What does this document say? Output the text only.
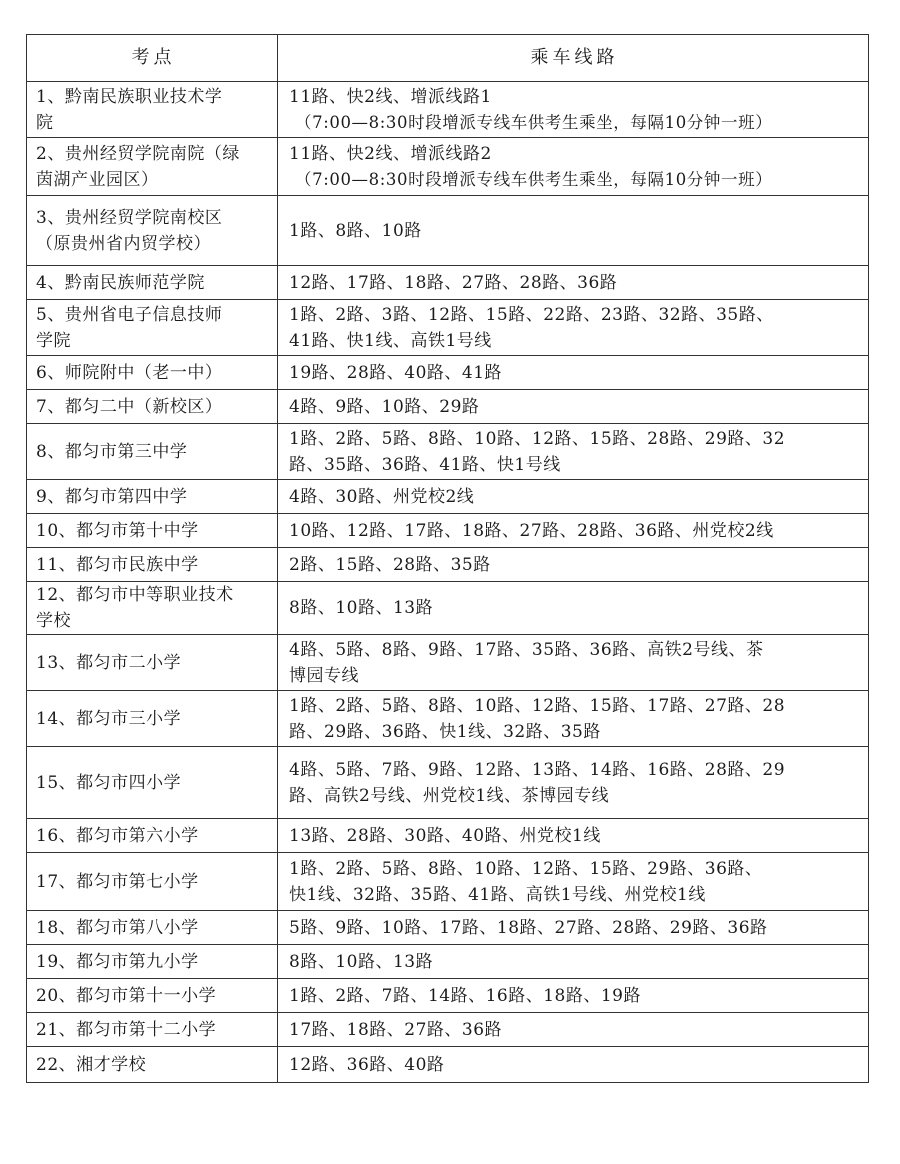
考点	乘车线路

1、黔南民族职业技术学
院	11路、快2线、增派线路1
（7:00—8:30时段增派专线车供考生乘坐，每隔10分钟一班）

2、贵州经贸学院南院（绿
茵湖产业园区）	11路、快2线、增派线路2
（7:00—8:30时段增派专线车供考生乘坐，每隔10分钟一班）

3、贵州经贸学院南校区
（原贵州省内贸学校）	1路、8路、10路

4、黔南民族师范学院	12路、17路、18路、27路、28路、36路

5、贵州省电子信息技师
学院	1路、2路、3路、12路、15路、22路、23路、32路、35路、
41路、快1线、高铁1号线

6、师院附中（老一中）	19路、28路、40路、41路

7、都匀二中（新校区）	4路、9路、10路、29路

8、都匀市第三中学	1路、2路、5路、8路、10路、12路、15路、28路、29路、32
路、35路、36路、41路、快1号线

9、都匀市第四中学	4路、30路、州党校2线

10、都匀市第十中学	10路、12路、17路、18路、27路、28路、36路、州党校2线

11、都匀市民族中学	2路、15路、28路、35路

12、都匀市中等职业技术
学校	8路、10路、13路

13、都匀市二小学	4路、5路、8路、9路、17路、35路、36路、高铁2号线、茶
博园专线

14、都匀市三小学	1路、2路、5路、8路、10路、12路、15路、17路、27路、28
路、29路、36路、快1线、32路、35路

15、都匀市四小学	4路、5路、7路、9路、12路、13路、14路、16路、28路、29
路、高铁2号线、州党校1线、茶博园专线

16、都匀市第六小学	13路、28路、30路、40路、州党校1线

17、都匀市第七小学	1路、2路、5路、8路、10路、12路、15路、29路、36路、
快1线、32路、35路、41路、高铁1号线、州党校1线

18、都匀市第八小学	5路、9路、10路、17路、18路、27路、28路、29路、36路

19、都匀市第九小学	8路、10路、13路

20、都匀市第十一小学	1路、2路、7路、14路、16路、18路、19路

21、都匀市第十二小学	17路、18路、27路、36路

22、湘才学校	12路、36路、40路
